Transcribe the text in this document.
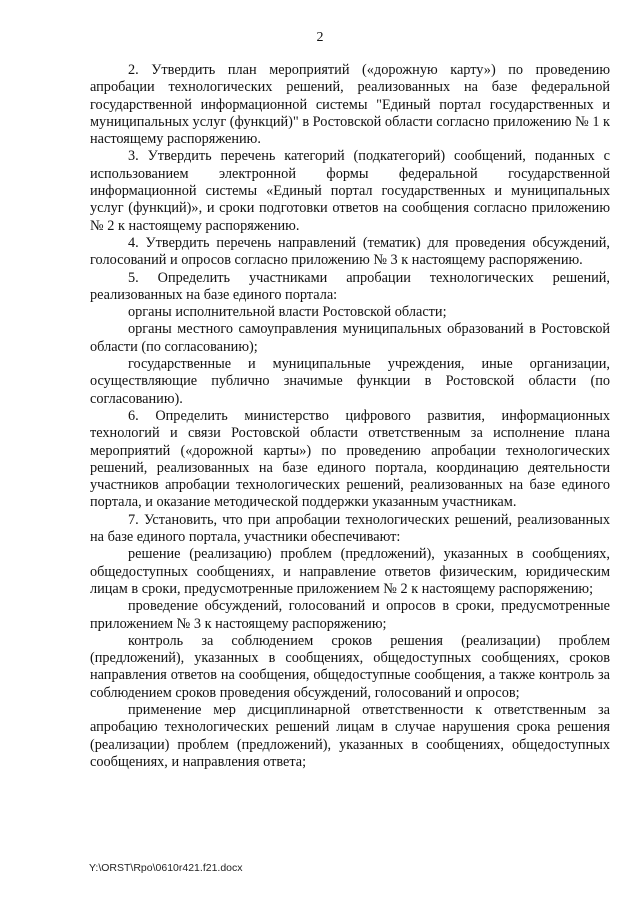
2

2. Утвердить план мероприятий («дорожную карту») по проведению апробации технологических решений, реализованных на базе федеральной государственной информационной системы "Единый портал государственных и муниципальных услуг (функций)" в Ростовской области согласно приложению № 1 к настоящему распоряжению.

3. Утвердить перечень категорий (подкатегорий) сообщений, поданных с использованием электронной формы федеральной государственной информационной системы «Единый портал государственных и муниципальных услуг (функций)», и сроки подготовки ответов на сообщения согласно приложению № 2 к настоящему распоряжению.

4. Утвердить перечень направлений (тематик) для проведения обсуждений, голосований и опросов согласно приложению № 3 к настоящему распоряжению.

5. Определить участниками апробации технологических решений, реализованных на базе единого портала:

органы исполнительной власти Ростовской области;

органы местного самоуправления муниципальных образований в Ростовской области (по согласованию);

государственные и муниципальные учреждения, иные организации, осуществляющие публично значимые функции в Ростовской области (по согласованию).

6. Определить министерство цифрового развития, информационных технологий и связи Ростовской области ответственным за исполнение плана мероприятий («дорожной карты») по проведению апробации технологических решений, реализованных на базе единого портала, координацию деятельности участников апробации технологических решений, реализованных на базе единого портала, и оказание методической поддержки указанным участникам.

7. Установить, что при апробации технологических решений, реализованных на базе единого портала, участники обеспечивают:

решение (реализацию) проблем (предложений), указанных в сообщениях, общедоступных сообщениях, и направление ответов физическим, юридическим лицам в сроки, предусмотренные приложением № 2 к настоящему распоряжению;

проведение обсуждений, голосований и опросов в сроки, предусмотренные приложением № 3 к настоящему распоряжению;

контроль за соблюдением сроков решения (реализации) проблем (предложений), указанных в сообщениях, общедоступных сообщениях, сроков направления ответов на сообщения, общедоступные сообщения, а также контроль за соблюдением сроков проведения обсуждений, голосований и опросов;

применение мер дисциплинарной ответственности к ответственным за апробацию технологических решений лицам в случае нарушения срока решения (реализации) проблем (предложений), указанных в сообщениях, общедоступных сообщениях, и направления ответа;

Y:\ORST\Rpo\0610r421.f21.docx
